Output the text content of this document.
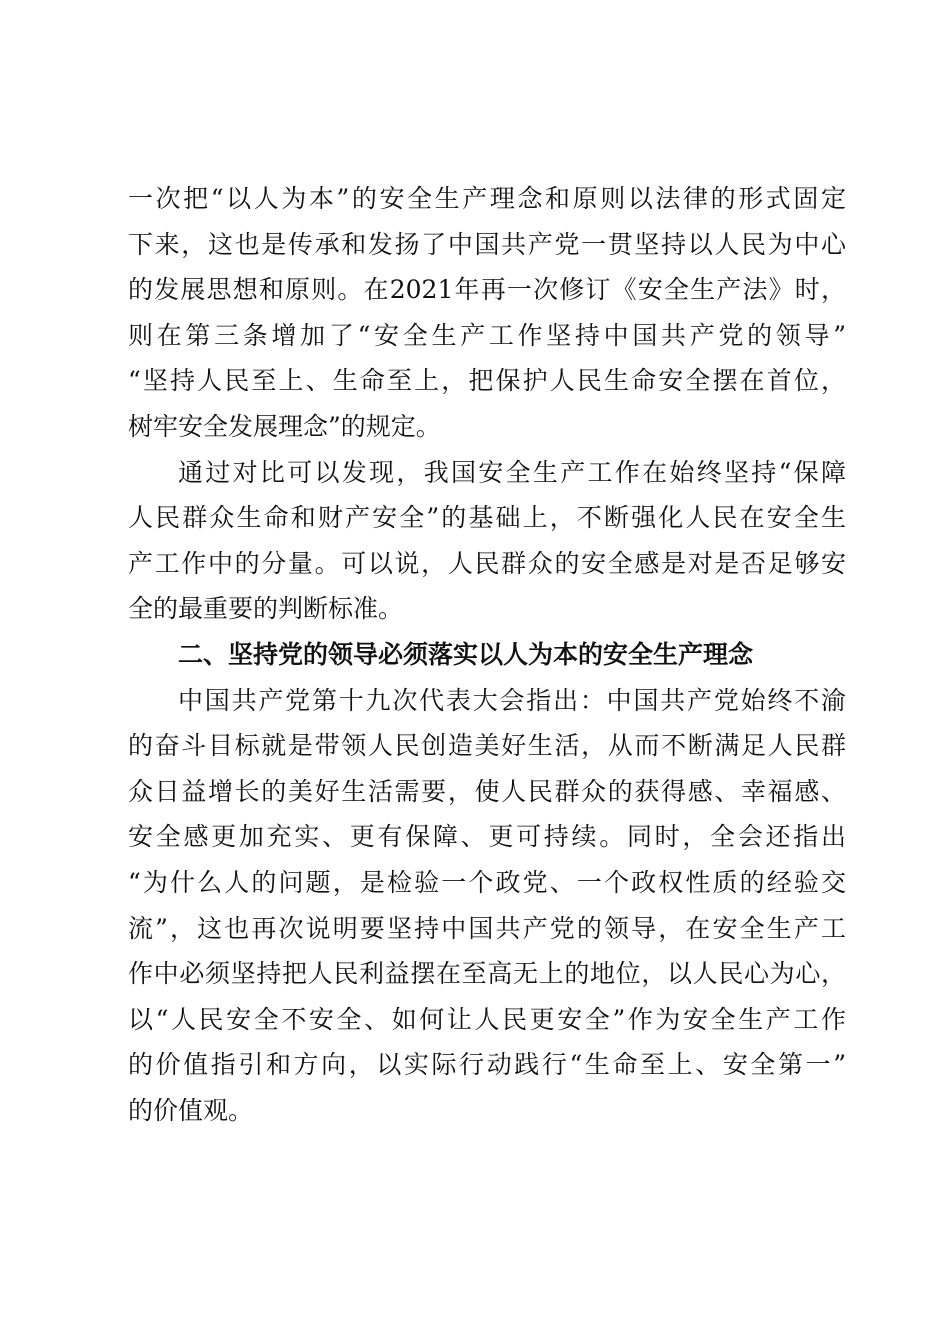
一次把“以人为本”的安全生产理念和原则以法律的形式固定
下来，这也是传承和发扬了中国共产党一贯坚持以人民为中心
的发展思想和原则。在2021年再一次修订《安全生产法》时，
则在第三条增加了“安全生产工作坚持中国共产党的领导”
“坚持人民至上、生命至上，把保护人民生命安全摆在首位，
树牢安全发展理念”的规定。
通过对比可以发现，我国安全生产工作在始终坚持“保障
人民群众生命和财产安全”的基础上，不断强化人民在安全生
产工作中的分量。可以说，人民群众的安全感是对是否足够安
全的最重要的判断标准。
二、坚持党的领导必须落实以人为本的安全生产理念
中国共产党第十九次代表大会指出：中国共产党始终不渝
的奋斗目标就是带领人民创造美好生活，从而不断满足人民群
众日益增长的美好生活需要，使人民群众的获得感、幸福感、
安全感更加充实、更有保障、更可持续。同时，全会还指出
“为什么人的问题，是检验一个政党、一个政权性质的经验交
流”，这也再次说明要坚持中国共产党的领导，在安全生产工
作中必须坚持把人民利益摆在至高无上的地位，以人民心为心，
以“人民安全不安全、如何让人民更安全”作为安全生产工作
的价值指引和方向，以实际行动践行“生命至上、安全第一”
的价值观。
